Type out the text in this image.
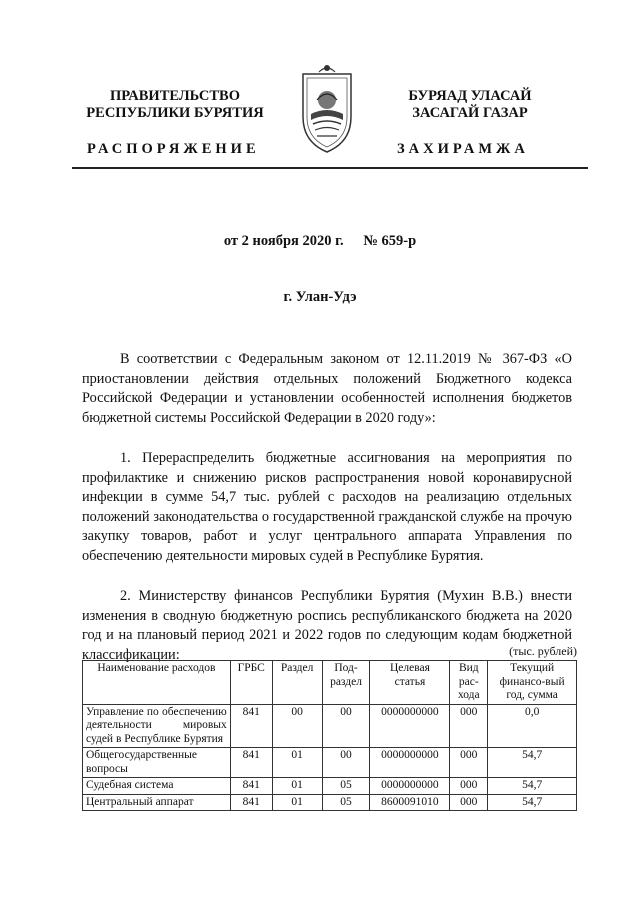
ПРАВИТЕЛЬСТВО
РЕСПУБЛИКИ БУРЯТИЯ
БУРЯАД УЛАСАЙ
ЗАСАГАЙ ГАЗАР
РАСПОРЯЖЕНИЕ	ЗАХИРАМЖА
от 2 ноября 2020 г. № 659-р
г. Улан-Удэ

В соответствии с Федеральным законом от 12.11.2019 № 367-ФЗ «О приостановлении действия отдельных положений Бюджетного кодекса Российской Федерации и установлении особенностей исполнения бюджетов бюджетной системы Российской Федерации в 2020 году»:

1. Перераспределить бюджетные ассигнования на мероприятия по профилактике и снижению рисков распространения новой коронавирусной инфекции в сумме 54,7 тыс. рублей с расходов на реализацию отдельных положений законодательства о государственной гражданской службе на прочую закупку товаров, работ и услуг центрального аппарата Управления по обеспечению деятельности мировых судей в Республике Бурятия.

2. Министерству финансов Республики Бурятия (Мухин В.В.) внести изменения в сводную бюджетную роспись республиканского бюджета на 2020 год и на плановый период 2021 и 2022 годов по следующим кодам бюджетной классификации:	(тыс. рублей)
Наименование расходов	ГРБС	Раздел	Под-раздел	Целевая статья	Вид рас-хода	Текущий финансо-вый год, сумма
Управление по обеспечению деятельности мировых судей в Республике Бурятия	841	00	00	0000000000	000	0,0
Общегосударственные вопросы	841	01	00	0000000000	000	54,7
Судебная система	841	01	05	0000000000	000	54,7
Центральный аппарат	841	01	05	8600091010	000	54,7
